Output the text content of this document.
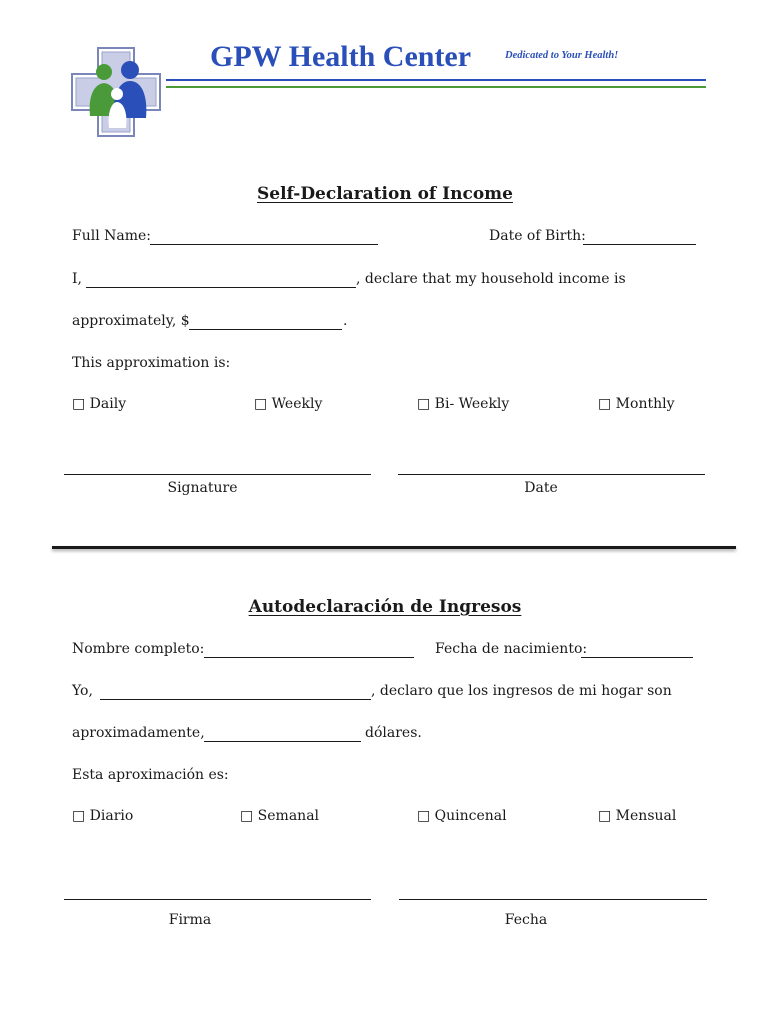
GPW Health Center	Dedicated to Your Health!
Self-Declaration of Income
Full Name:	Date of Birth:
I,	, declare that my household income is
approximately, $	.
This approximation is:
□ Daily	□ Weekly	□ Bi- Weekly	□ Monthly
Signature	Date
Autodeclaración de Ingresos
Nombre completo:	Fecha de nacimiento:
Yo,	, declaro que los ingresos de mi hogar son
aproximadamente,	dólares.
Esta aproximación es:
□ Diario	□ Semanal	□ Quincenal	□ Mensual
Firma	Fecha
